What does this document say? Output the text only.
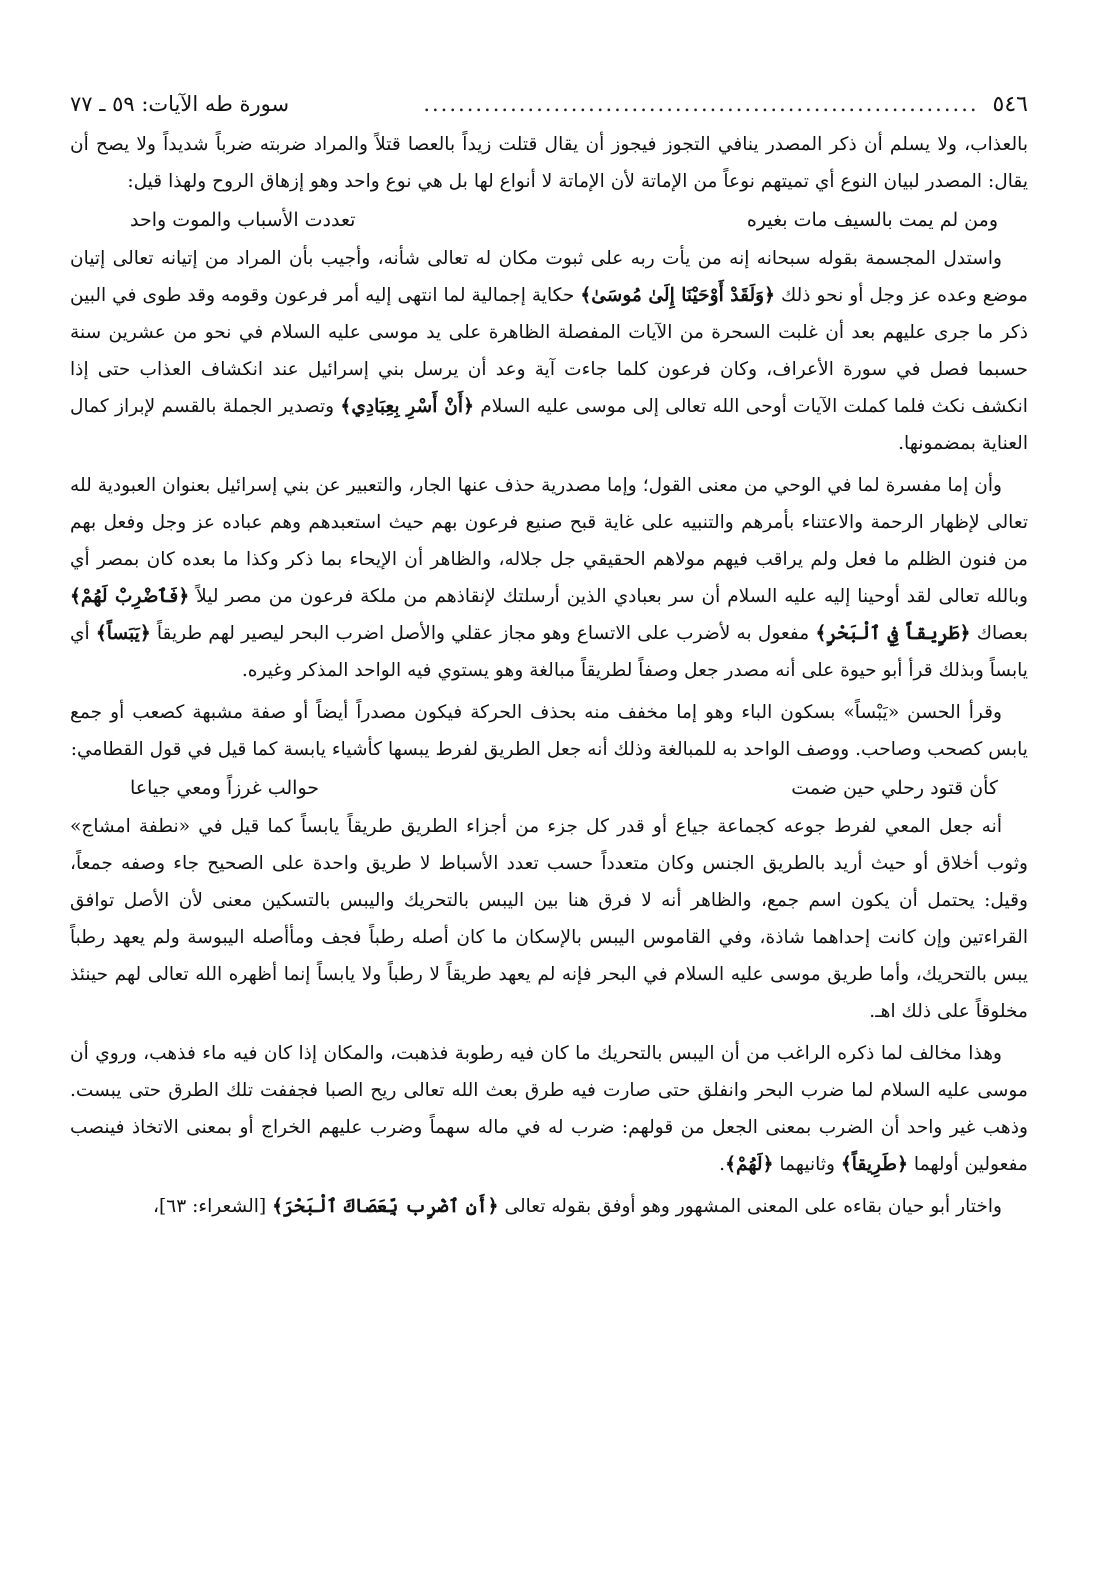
٥٤٦
................................................................
سورة طه الآيات: ٥٩ ـ ٧٧

بالعذاب، ولا يسلم أن ذكر المصدر ينافي التجوز فيجوز أن يقال قتلت زيداً بالعصا قتلاً والمراد ضربته ضرباً شديداً ولا يصح أن يقال: المصدر لبيان النوع أي تميتهم نوعاً من الإماتة لأن الإماتة لا أنواع لها بل هي نوع واحد وهو إزهاق الروح ولهذا قيل:

ومن لم يمت بالسيف مات بغيره
تعددت الأسباب والموت واحد

واستدل المجسمة بقوله سبحانه إنه من يأت ربه على ثبوت مكان له تعالى شأنه، وأجيب بأن المراد من إتيانه تعالى إتيان موضع وعده عز وجل أو نحو ذلك ﴿وَلَقَدْ أَوْحَيْنَا إِلَىٰ مُوسَىٰ﴾ حكاية إجمالية لما انتهى إليه أمر فرعون وقومه وقد طوى في البين ذكر ما جرى عليهم بعد أن غلبت السحرة من الآيات المفصلة الظاهرة على يد موسى عليه السلام في نحو من عشرين سنة حسبما فصل في سورة الأعراف، وكان فرعون كلما جاءت آية وعد أن يرسل بني إسرائيل عند انكشاف العذاب حتى إذا انكشف نكث فلما كملت الآيات أوحى الله تعالى إلى موسى عليه السلام ﴿أَنْ أَسْرِ بِعِبَادِي﴾ وتصدير الجملة بالقسم لإبراز كمال العناية بمضمونها.

وأن إما مفسرة لما في الوحي من معنى القول؛ وإما مصدرية حذف عنها الجار، والتعبير عن بني إسرائيل بعنوان العبودية لله تعالى لإظهار الرحمة والاعتناء بأمرهم والتنبيه على غاية قبح صنيع فرعون بهم حيث استعبدهم وهم عباده عز وجل وفعل بهم من فنون الظلم ما فعل ولم يراقب فيهم مولاهم الحقيقي جل جلاله، والظاهر أن الإيحاء بما ذكر وكذا ما بعده كان بمصر أي وبالله تعالى لقد أوحينا إليه عليه السلام أن سر بعبادي الذين أرسلتك لإنقاذهم من ملكة فرعون من مصر ليلاً ﴿فَٱضْرِبْ لَهُمْ﴾ بعصاك ﴿طَرِيقاً فِي ٱلْبَحْرِ﴾ مفعول به لأضرب على الاتساع وهو مجاز عقلي والأصل اضرب البحر ليصير لهم طريقاً ﴿يَبَساً﴾ أي يابساً وبذلك قرأ أبو حيوة على أنه مصدر جعل وصفاً لطريقاً مبالغة وهو يستوي فيه الواحد المذكر وغيره.

وقرأ الحسن «يَبْساً» بسكون الباء وهو إما مخفف منه بحذف الحركة فيكون مصدراً أيضاً أو صفة مشبهة كصعب أو جمع يابس كصحب وصاحب. ووصف الواحد به للمبالغة وذلك أنه جعل الطريق لفرط يبسها كأشياء يابسة كما قيل في قول القطامي:

كأن قتود رحلي حين ضمت
حوالب غرزاً ومعي جياعا

أنه جعل المعي لفرط جوعه كجماعة جياع أو قدر كل جزء من أجزاء الطريق طريقاً يابساً كما قيل في «نطفة امشاج» وثوب أخلاق أو حيث أريد بالطريق الجنس وكان متعدداً حسب تعدد الأسباط لا طريق واحدة على الصحيح جاء وصفه جمعاً، وقيل: يحتمل أن يكون اسم جمع، والظاهر أنه لا فرق هنا بين اليبس بالتحريك واليبس بالتسكين معنى لأن الأصل توافق القراءتين وإن كانت إحداهما شاذة، وفي القاموس اليبس بالإسكان ما كان أصله رطباً فجف ومأأصله اليبوسة ولم يعهد رطباً يبس بالتحريك، وأما طريق موسى عليه السلام في البحر فإنه لم يعهد طريقاً لا رطباً ولا يابساً إنما أظهره الله تعالى لهم حينئذ مخلوقاً على ذلك اهـ.

وهذا مخالف لما ذكره الراغب من أن اليبس بالتحريك ما كان فيه رطوبة فذهبت، والمكان إذا كان فيه ماء فذهب، وروي أن موسى عليه السلام لما ضرب البحر وانفلق حتى صارت فيه طرق بعث الله تعالى ريح الصبا فجففت تلك الطرق حتى يبست. وذهب غير واحد أن الضرب بمعنى الجعل من قولهم: ضرب له في ماله سهماً وضرب عليهم الخراج أو بمعنى الاتخاذ فينصب مفعولين أولهما ﴿طَرِيقاً﴾ وثانيهما ﴿لَهُمْ﴾.

واختار أبو حيان بقاءه على المعنى المشهور وهو أوفق بقوله تعالى ﴿أَنِ ٱضْرِب بِّعَصَاكَ ٱلْبَحْرَ﴾ [الشعراء: ٦٣]،
